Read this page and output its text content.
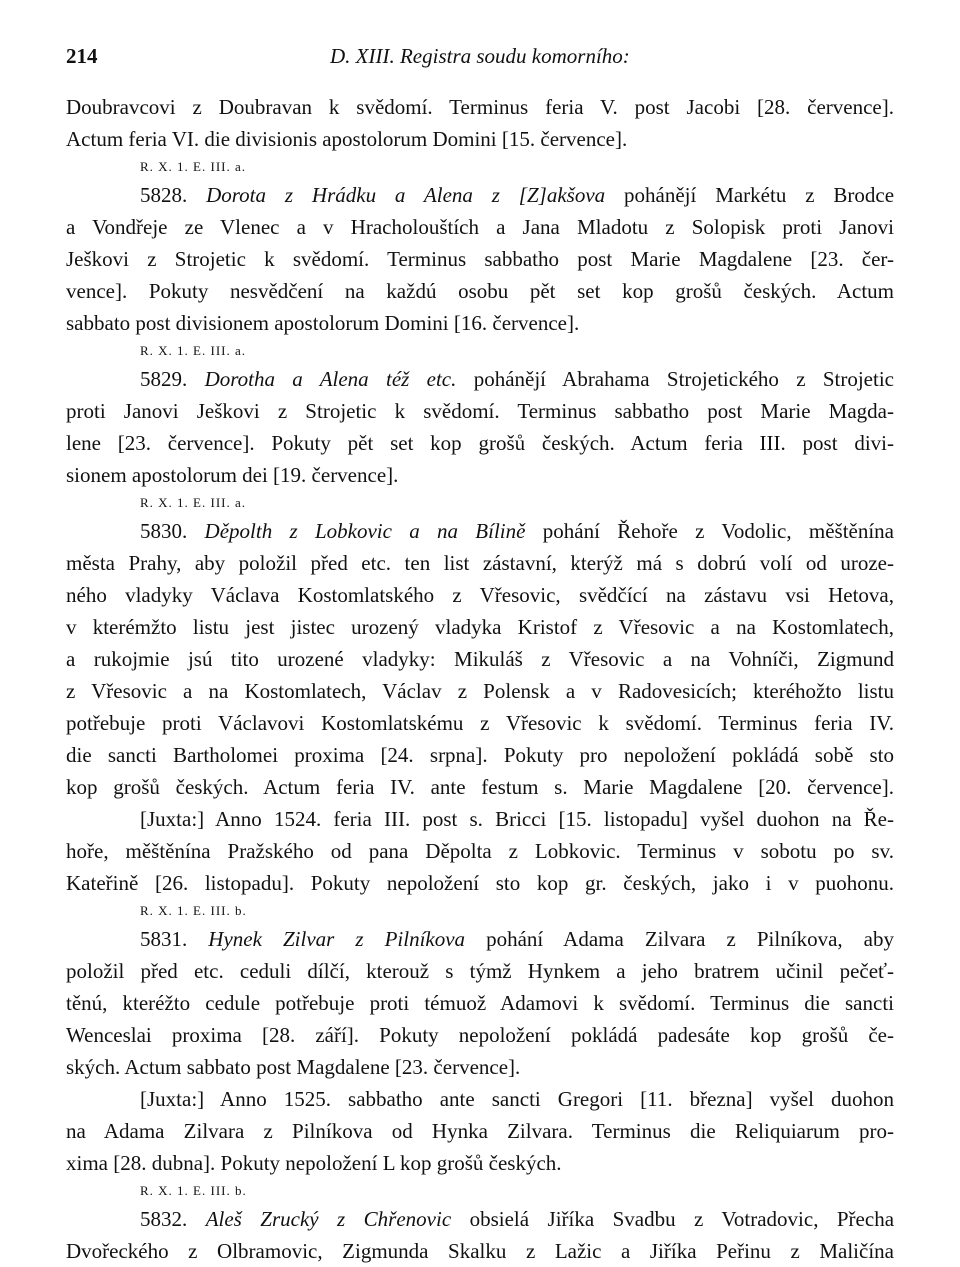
214	D. XIII. Registra soudu komorního:
Doubravcovi z Doubravan k svědomí. Terminus feria V. post Jacobi [28. července].
Actum feria VI. die divisionis apostolorum Domini [15. července].
R. X. 1. E. III. a.
5828. Dorota z Hrádku a Alena z [Z]akšova pohánějí Markétu z Brodce
a Vondřeje ze Vlenec a v Hracholouštích a Jana Mladotu z Solopisk proti Janovi
Ješkovi z Strojetic k svědomí. Terminus sabbatho post Marie Magdalene [23. čer-
vence]. Pokuty nesvědčení na každú osobu pět set kop grošů českých. Actum
sabbato post divisionem apostolorum Domini [16. července].
R. X. 1. E. III. a.
5829. Dorotha a Alena též etc. pohánějí Abrahama Strojetického z Strojetic
proti Janovi Ješkovi z Strojetic k svědomí. Terminus sabbatho post Marie Magda-
lene [23. července]. Pokuty pět set kop grošů českých. Actum feria III. post divi-
sionem apostolorum dei [19. července].
R. X. 1. E. III. a.
5830. Děpolth z Lobkovic a na Bílině pohání Řehoře z Vodolic, měštěnína
města Prahy, aby položil před etc. ten list zástavní, kterýž má s dobrú volí od uroze-
ného vladyky Václava Kostomlatského z Vřesovic, svědčící na zástavu vsi Hetova,
v kterémžto listu jest jistec urozený vladyka Kristof z Vřesovic a na Kostomlatech,
a rukojmie jsú tito urozené vladyky: Mikuláš z Vřesovic a na Vohníči, Zigmund
z Vřesovic a na Kostomlatech, Václav z Polensk a v Radovesicích; kteréhožto listu
potřebuje proti Václavovi Kostomlatskému z Vřesovic k svědomí. Terminus feria IV.
die sancti Bartholomei proxima [24. srpna]. Pokuty pro nepoložení pokládá sobě sto
kop grošů českých. Actum feria IV. ante festum s. Marie Magdalene [20. července].
[Juxta:] Anno 1524. feria III. post s. Bricci [15. listopadu] vyšel duohon na Ře-
hoře, měštěnína Pražského od pana Děpolta z Lobkovic. Terminus v sobotu po sv.
Kateřině [26. listopadu]. Pokuty nepoložení sto kop gr. českých, jako i v puohonu.
R. X. 1. E. III. b.
5831. Hynek Zilvar z Pilníkova pohání Adama Zilvara z Pilníkova, aby
položil před etc. ceduli dílčí, kterouž s týmž Hynkem a jeho bratrem učinil pečeť-
těnú, kteréžto cedule potřebuje proti témuož Adamovi k svědomí. Terminus die sancti
Wenceslai proxima [28. září]. Pokuty nepoložení pokládá padesáte kop grošů če-
ských. Actum sabbato post Magdalene [23. července].
[Juxta:] Anno 1525. sabbatho ante sancti Gregori [11. března] vyšel duohon
na Adama Zilvara z Pilníkova od Hynka Zilvara. Terminus die Reliquiarum pro-
xima [28. dubna]. Pokuty nepoložení L kop grošů českých.
R. X. 1. E. III. b.
5832. Aleš Zrucký z Chřenovic obsielá Jiříka Svadbu z Votradovic, Přecha
Dvořeckého z Olbramovic, Zigmunda Skalku z Lažic a Jiříka Peřinu z Maličína
